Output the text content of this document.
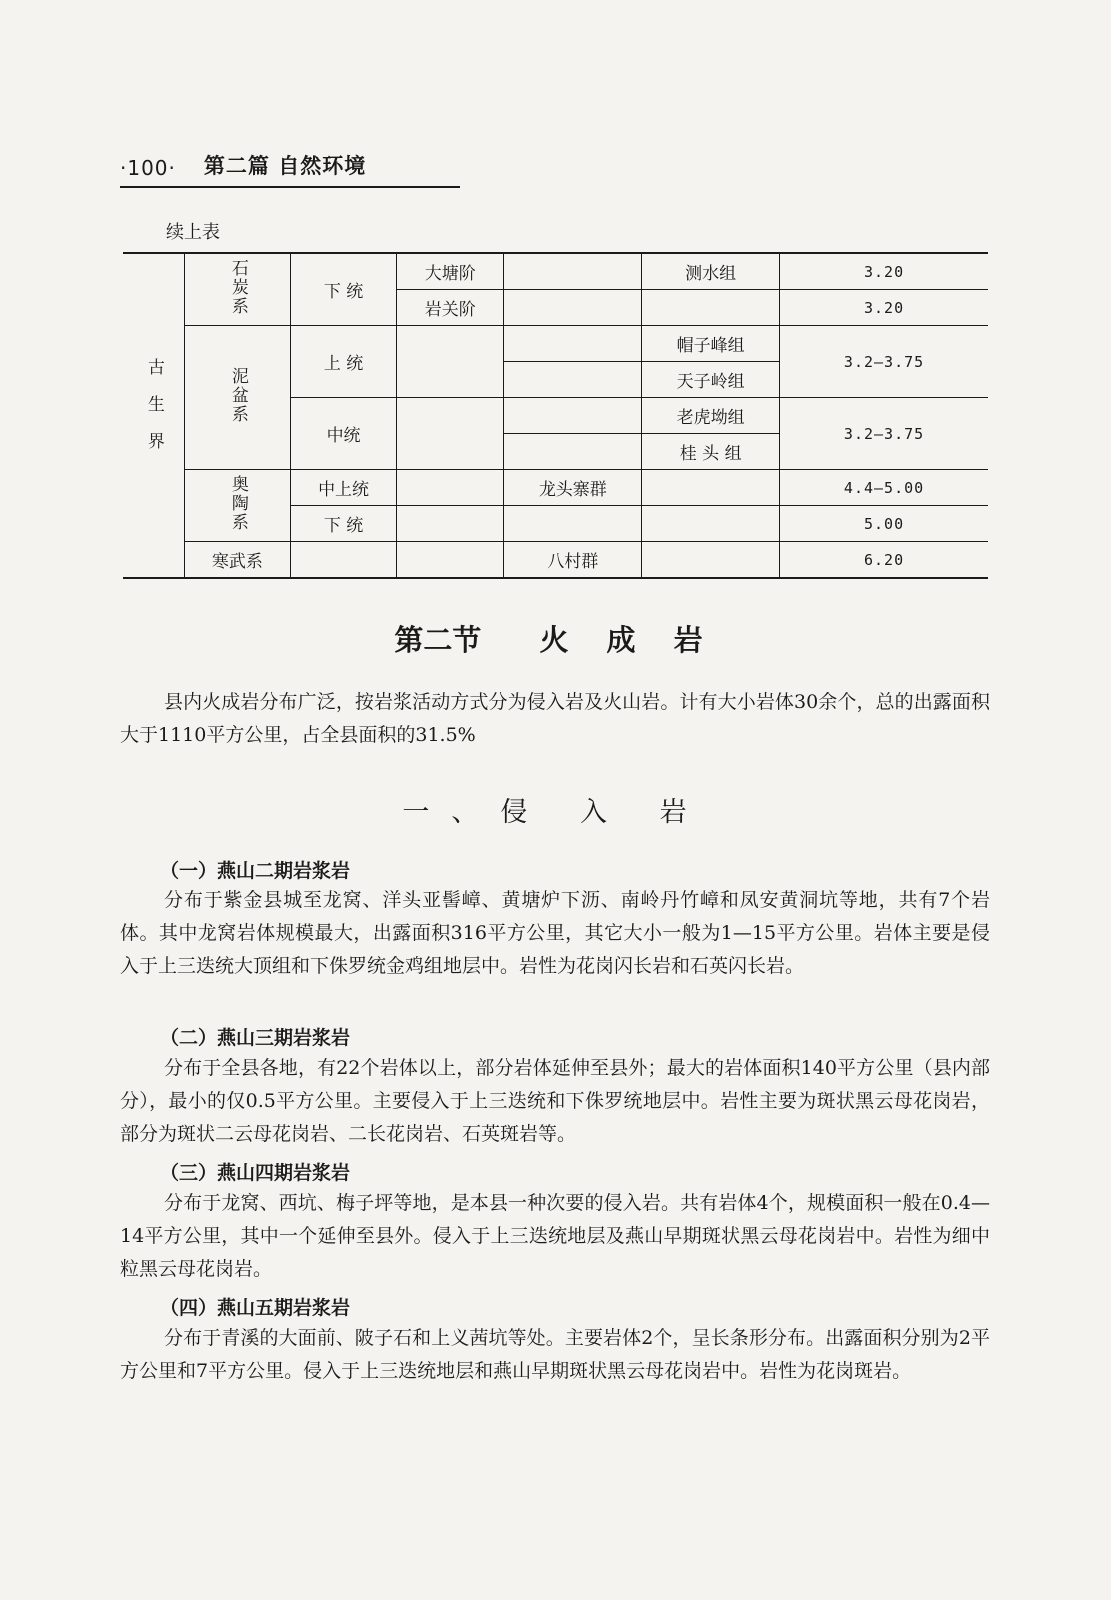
·100· 第二篇 自然环境
续上表
古生界	石炭系	下 统	大塘阶		测水组	3.20
			岩关阶			3.20
	泥盆系	上 统			帽子峰组	3.2—3.75
					天子岭组	
		中统			老虎坳组	3.2—3.75
					桂 头 组	
	奥陶系	中上统		龙头寨群		4.4—5.00
		下 统				5.00
	寒武系			八村群		6.20
第二节 火 成 岩

县内火成岩分布广泛，按岩浆活动方式分为侵入岩及火山岩。计有大小岩体30余个，总的出露面积大于1110平方公里，占全县面积的31.5%

一、侵 入 岩
（一）燕山二期岩浆岩

分布于紫金县城至龙窝、洋头亚髻嶂、黄塘炉下沥、南岭丹竹嶂和凤安黄洞坑等地，共有7个岩体。其中龙窝岩体规模最大，出露面积316平方公里，其它大小一般为1—15平方公里。岩体主要是侵入于上三迭统大顶组和下侏罗统金鸡组地层中。岩性为花岗闪长岩和石英闪长岩。

（二）燕山三期岩浆岩

分布于全县各地，有22个岩体以上，部分岩体延伸至县外；最大的岩体面积140平方公里（县内部分），最小的仅0.5平方公里。主要侵入于上三迭统和下侏罗统地层中。岩性主要为斑状黑云母花岗岩，部分为斑状二云母花岗岩、二长花岗岩、石英斑岩等。

（三）燕山四期岩浆岩

分布于龙窝、西坑、梅子坪等地，是本县一种次要的侵入岩。共有岩体4个，规模面积一般在0.4—14平方公里，其中一个延伸至县外。侵入于上三迭统地层及燕山早期斑状黑云母花岗岩中。岩性为细中粒黑云母花岗岩。

（四）燕山五期岩浆岩

分布于青溪的大面前、陂子石和上义茜坑等处。主要岩体2个，呈长条形分布。出露面积分别为2平方公里和7平方公里。侵入于上三迭统地层和燕山早期斑状黑云母花岗岩中。岩性为花岗斑岩。
